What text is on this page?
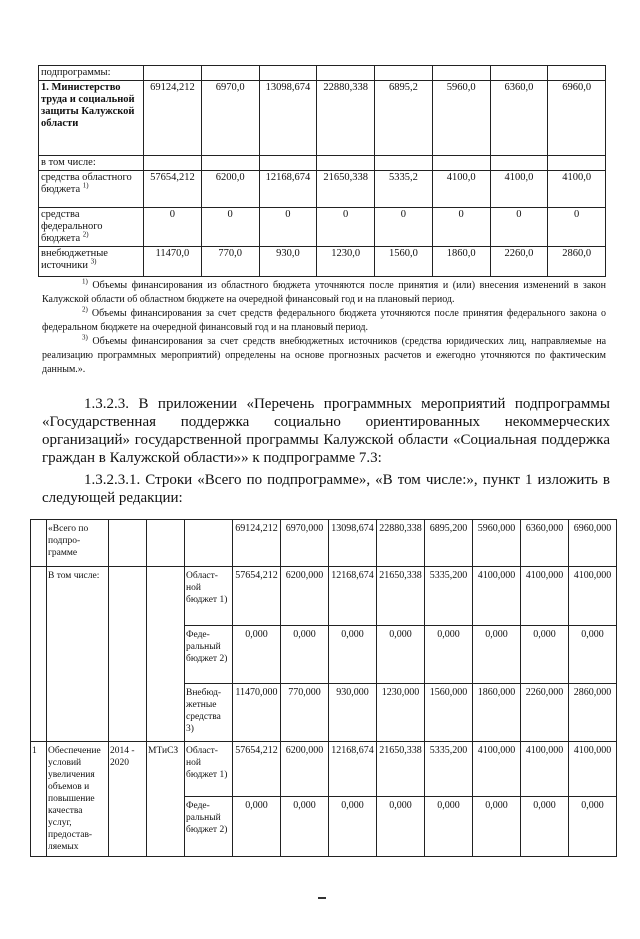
подпрограммы:								
1. Министерство труда и социальной защиты Калужской области	69124,212	6970,0	13098,674	22880,338	6895,2	5960,0	6360,0	6960,0
в том числе:								
средства областного бюджета $^{1)}$	57654,212	6200,0	12168,674	21650,338	5335,2	4100,0	4100,0	4100,0
средства федерального бюджета $^{2)}$	0	0	0	0	0	0	0	0
внебюджетные источники $^{3)}$	11470,0	770,0	930,0	1230,0	1560,0	1860,0	2260,0	2860,0
$^{1)}$ Объемы финансирования из областного бюджета уточняются после принятия и (или) внесения изменений в закон Калужской области об областном бюджете на очередной финансовый год и на плановый период.
$^{2)}$ Объемы финансирования за счет средств федерального бюджета уточняются после принятия федерального закона о федеральном бюджете на очередной финансовый год и на плановый период.
$^{3)}$ Объемы финансирования за счет средств внебюджетных источников (средства юридических лиц, направляемые на реализацию программных мероприятий) определены на основе прогнозных расчетов и ежегодно уточняются по фактическим данным.».
1.3.2.3. В приложении «Перечень программных мероприятий подпрограммы «Государственная поддержка социально ориентированных некоммерческих организаций» государственной программы Калужской области «Социальная поддержка граждан в Калужской области»» к подпрограмме 7.3:
1.3.2.3.1. Строки «Всего по подпрограмме», «В том числе:», пункт 1 изложить в следующей редакции:
	«Всего по подпро-грамме				69124,212	6970,000	13098,674	22880,338	6895,200	5960,000	6360,000	6960,000
	В том числе:			Област-ной бюджет 1)	57654,212	6200,000	12168,674	21650,338	5335,200	4100,000	4100,000	4100,000
				Феде-ральный бюджет 2)	0,000	0,000	0,000	0,000	0,000	0,000	0,000	0,000
				Внебюд-жетные средства 3)	11470,000	770,000	930,000	1230,000	1560,000	1860,000	2260,000	2860,000
1	Обеспечение условий увеличения объемов и повышение качества услуг, предостав-ляемых	2014 - 2020	МТиСЗ	Област-ной бюджет 1)	57654,212	6200,000	12168,674	21650,338	5335,200	4100,000	4100,000	4100,000
				Феде-ральный бюджет 2)	0,000	0,000	0,000	0,000	0,000	0,000	0,000	0,000
